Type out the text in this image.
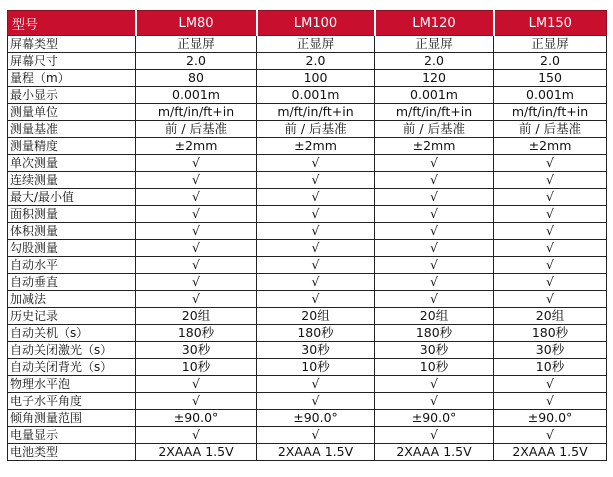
型号	LM80	LM100	LM120	LM150
屏幕类型	正显屏	正显屏	正显屏	正显屏
屏幕尺寸	2.0	2.0	2.0	2.0
量程（m）	80	100	120	150
最小显示	0.001m	0.001m	0.001m	0.001m
测量单位	m/ft/in/ft+in	m/ft/in/ft+in	m/ft/in/ft+in	m/ft/in/ft+in
测量基准	前 / 后基准	前 / 后基准	前 / 后基准	前 / 后基准
测量精度	±2mm	±2mm	±2mm	±2mm
单次测量	√	√	√	√
连续测量	√	√	√	√
最大/最小值	√	√	√	√
面积测量	√	√	√	√
体积测量	√	√	√	√
勾股测量	√	√	√	√
自动水平	√	√	√	√
自动垂直	√	√	√	√
加减法	√	√	√	√
历史记录	20组	20组	20组	20组
自动关机（s）	180秒	180秒	180秒	180秒
自动关闭激光（s）	30秒	30秒	30秒	30秒
自动关闭背光（s）	10秒	10秒	10秒	10秒
物理水平泡	√	√	√	√
电子水平角度	√	√	√	√
倾角测量范围	±90.0°	±90.0°	±90.0°	±90.0°
电量显示	√	√	√	√
电池类型	2XAAA 1.5V	2XAAA 1.5V	2XAAA 1.5V	2XAAA 1.5V
